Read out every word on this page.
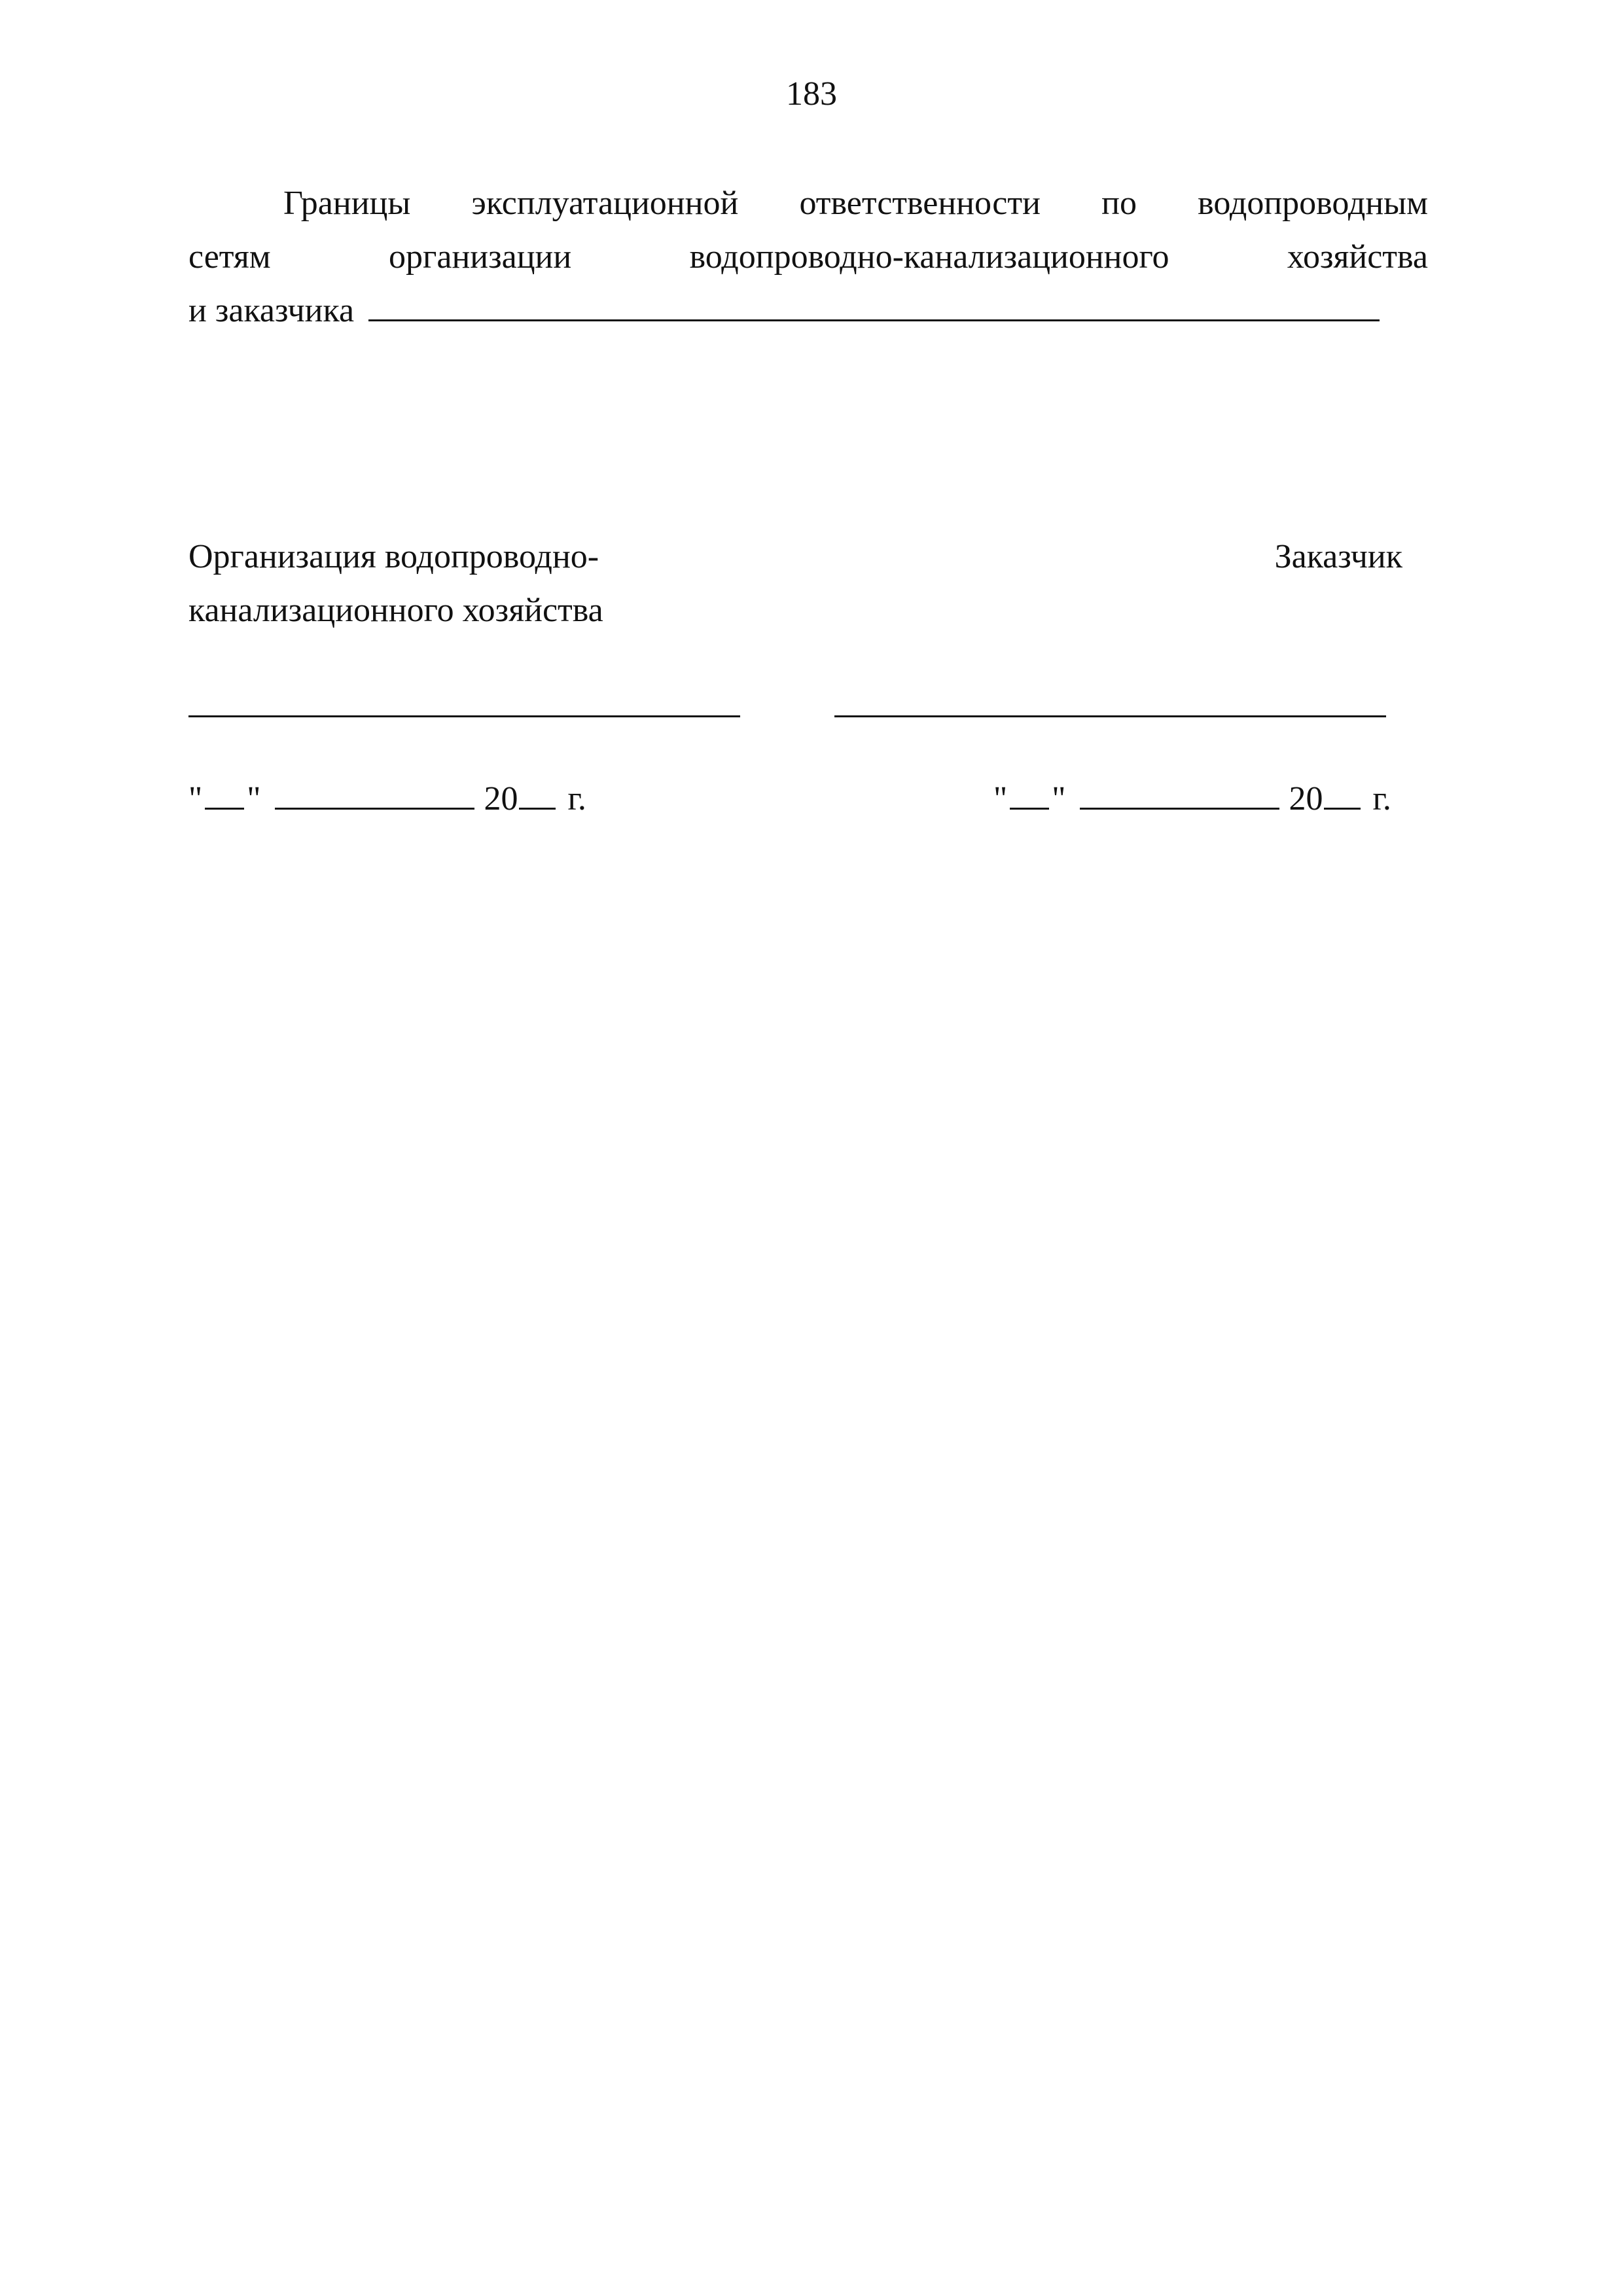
183
Границы эксплуатационной ответственности по водопроводным
сетям	организации	водопроводно-канализационного	хозяйства
и заказчика
Организация водопроводно-
канализационного хозяйства
Заказчик
" "	20 г.	" "	20 г.
